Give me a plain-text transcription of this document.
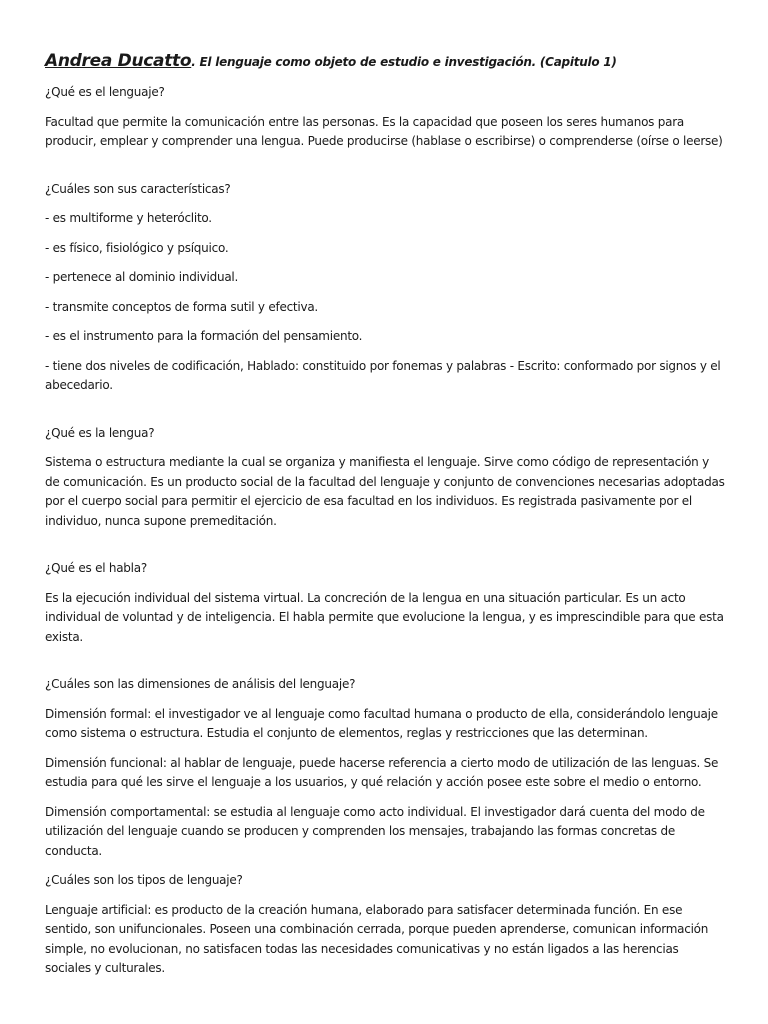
Andrea Ducatto. El lenguaje como objeto de estudio e investigación. (Capitulo 1)

¿Qué es el lenguaje?

Facultad que permite la comunicación entre las personas. Es la capacidad que poseen los seres humanos para producir, emplear y comprender una lengua. Puede producirse (hablase o escribirse) o comprenderse (oírse o leerse)

¿Cuáles son sus características?

- es multiforme y heteróclito.

- es físico, fisiológico y psíquico.

- pertenece al dominio individual.

- transmite conceptos de forma sutil y efectiva.

- es el instrumento para la formación del pensamiento.

- tiene dos niveles de codificación, Hablado: constituido por fonemas y palabras - Escrito: conformado por signos y el abecedario.

¿Qué es la lengua?

Sistema o estructura mediante la cual se organiza y manifiesta el lenguaje. Sirve como código de representación y de comunicación. Es un producto social de la facultad del lenguaje y conjunto de convenciones necesarias adoptadas por el cuerpo social para permitir el ejercicio de esa facultad en los individuos. Es registrada pasivamente por el individuo, nunca supone premeditación.

¿Qué es el habla?

Es la ejecución individual del sistema virtual. La concreción de la lengua en una situación particular. Es un acto individual de voluntad y de inteligencia. El habla permite que evolucione la lengua, y es imprescindible para que esta exista.

¿Cuáles son las dimensiones de análisis del lenguaje?

Dimensión formal: el investigador ve al lenguaje como facultad humana o producto de ella, considerándolo lenguaje como sistema o estructura. Estudia el conjunto de elementos, reglas y restricciones que las determinan.

Dimensión funcional: al hablar de lenguaje, puede hacerse referencia a cierto modo de utilización de las lenguas. Se estudia para qué les sirve el lenguaje a los usuarios, y qué relación y acción posee este sobre el medio o entorno.

Dimensión comportamental: se estudia al lenguaje como acto individual. El investigador dará cuenta del modo de utilización del lenguaje cuando se producen y comprenden los mensajes, trabajando las formas concretas de conducta.

¿Cuáles son los tipos de lenguaje?

Lenguaje artificial: es producto de la creación humana, elaborado para satisfacer determinada función. En ese sentido, son unifuncionales. Poseen una combinación cerrada, porque pueden aprenderse, comunican información simple, no evolucionan, no satisfacen todas las necesidades comunicativas y no están ligados a las herencias sociales y culturales.
